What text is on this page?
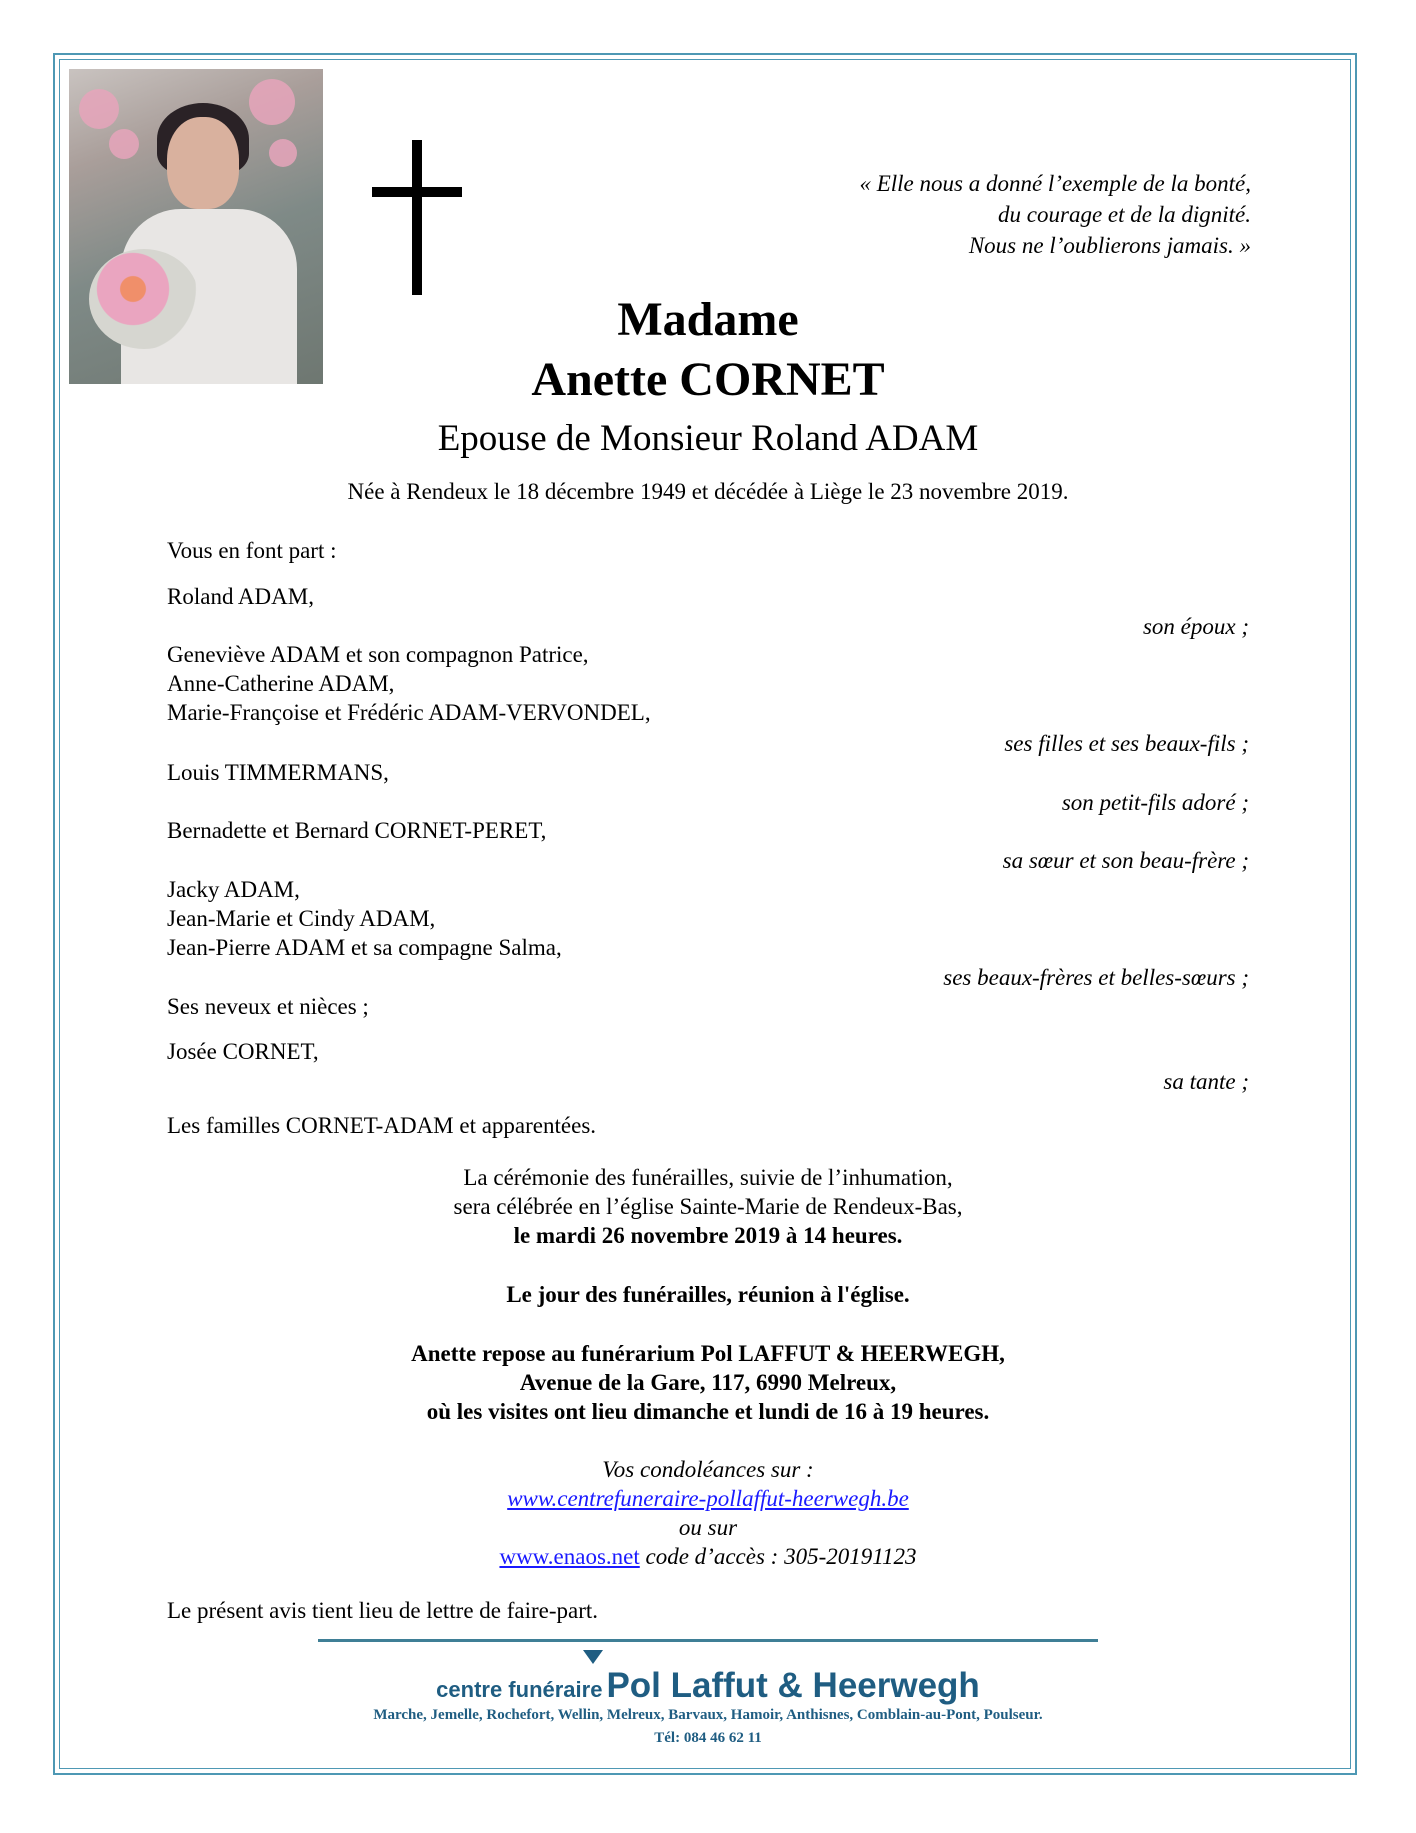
« Elle nous a donné l’exemple de la bonté,
du courage et de la dignité.
Nous ne l’oublierons jamais. »
Madame
Anette CORNET
Epouse de Monsieur Roland ADAM
Née à Rendeux le 18 décembre 1949 et décédée à Liège le 23 novembre 2019.
Vous en font part :
Roland ADAM,
son époux ;
Geneviève ADAM et son compagnon Patrice,
Anne-Catherine ADAM,
Marie-Françoise et Frédéric ADAM-VERVONDEL,
ses filles et ses beaux-fils ;
Louis TIMMERMANS,
son petit-fils adoré ;
Bernadette et Bernard CORNET-PERET,
sa sœur et son beau-frère ;
Jacky ADAM,
Jean-Marie et Cindy ADAM,
Jean-Pierre ADAM et sa compagne Salma,
ses beaux-frères et belles-sœurs ;
Ses neveux et nièces ;
Josée CORNET,
sa tante ;
Les familles CORNET-ADAM et apparentées.
La cérémonie des funérailles, suivie de l’inhumation,
sera célébrée en l’église Sainte-Marie de Rendeux-Bas,
le mardi 26 novembre 2019 à 14 heures.
Le jour des funérailles, réunion à l'église.
Anette repose au funérarium Pol LAFFUT & HEERWEGH,
Avenue de la Gare, 117, 6990 Melreux,
où les visites ont lieu dimanche et lundi de 16 à 19 heures.
Vos condoléances sur :
www.centrefuneraire-pollaffut-heerwegh.be
ou sur
www.enaos.net code d’accès : 305-20191123
Le présent avis tient lieu de lettre de faire-part.
centre funéraire Pol Laffut & Heerwegh
Marche, Jemelle, Rochefort, Wellin, Melreux, Barvaux, Hamoir, Anthisnes, Comblain-au-Pont, Poulseur.
Tél: 084 46 62 11
